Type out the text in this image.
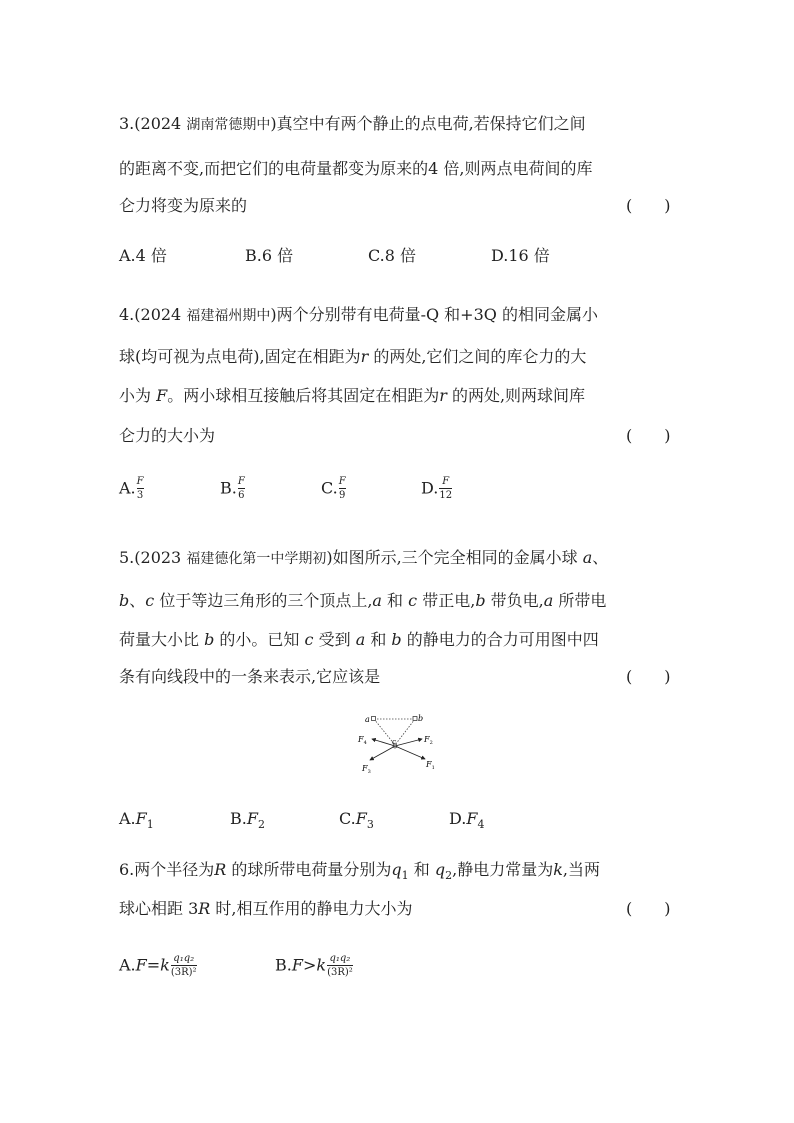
3.(2024 湖南常德期中)真空中有两个静止的点电荷,若保持它们之间
的距离不变,而把它们的电荷量都变为原来的4 倍,则两点电荷间的库
仑力将变为原来的	(　　)
A.4 倍	B.6 倍	C.8 倍	D.16 倍
4.(2024 福建福州期中)两个分别带有电荷量-Q 和+3Q 的相同金属小
球(均可视为点电荷),固定在相距为r 的两处,它们之间的库仑力的大
小为 F。两小球相互接触后将其固定在相距为r 的两处,则两球间库
仑力的大小为	(　　)
A. $\frac{F}{3}$	B. $\frac{F}{6}$	C. $\frac{F}{9}$	D. $\frac{F}{12}$
5.(2023 福建德化第一中学期初)如图所示,三个完全相同的金属小球 a、
b、c 位于等边三角形的三个顶点上,a 和 c 带正电,b 带负电,a 所带电
荷量大小比 b 的小。已知 c 受到 a 和 b 的静电力的合力可用图中四
条有向线段中的一条来表示,它应该是	(　　)
a	b
c	$F_2$
$F_1$
$F_4$
$F_3$
$A.F_1$	$B.F_2$	$C.F_3$	$D.F_4$
6.两个半径为R 的球所带电荷量分别为$q_1$ 和 $q_2$,静电力常量为k,当两
球心相距 3R 时,相互作用的静电力大小为	(　　)
$A.F=k \frac{\text{q₁q₂}}{\text{(3R)²}}$	$B.F>k \frac{\text{q₁q₂}}{\text{(3R)²}}$
